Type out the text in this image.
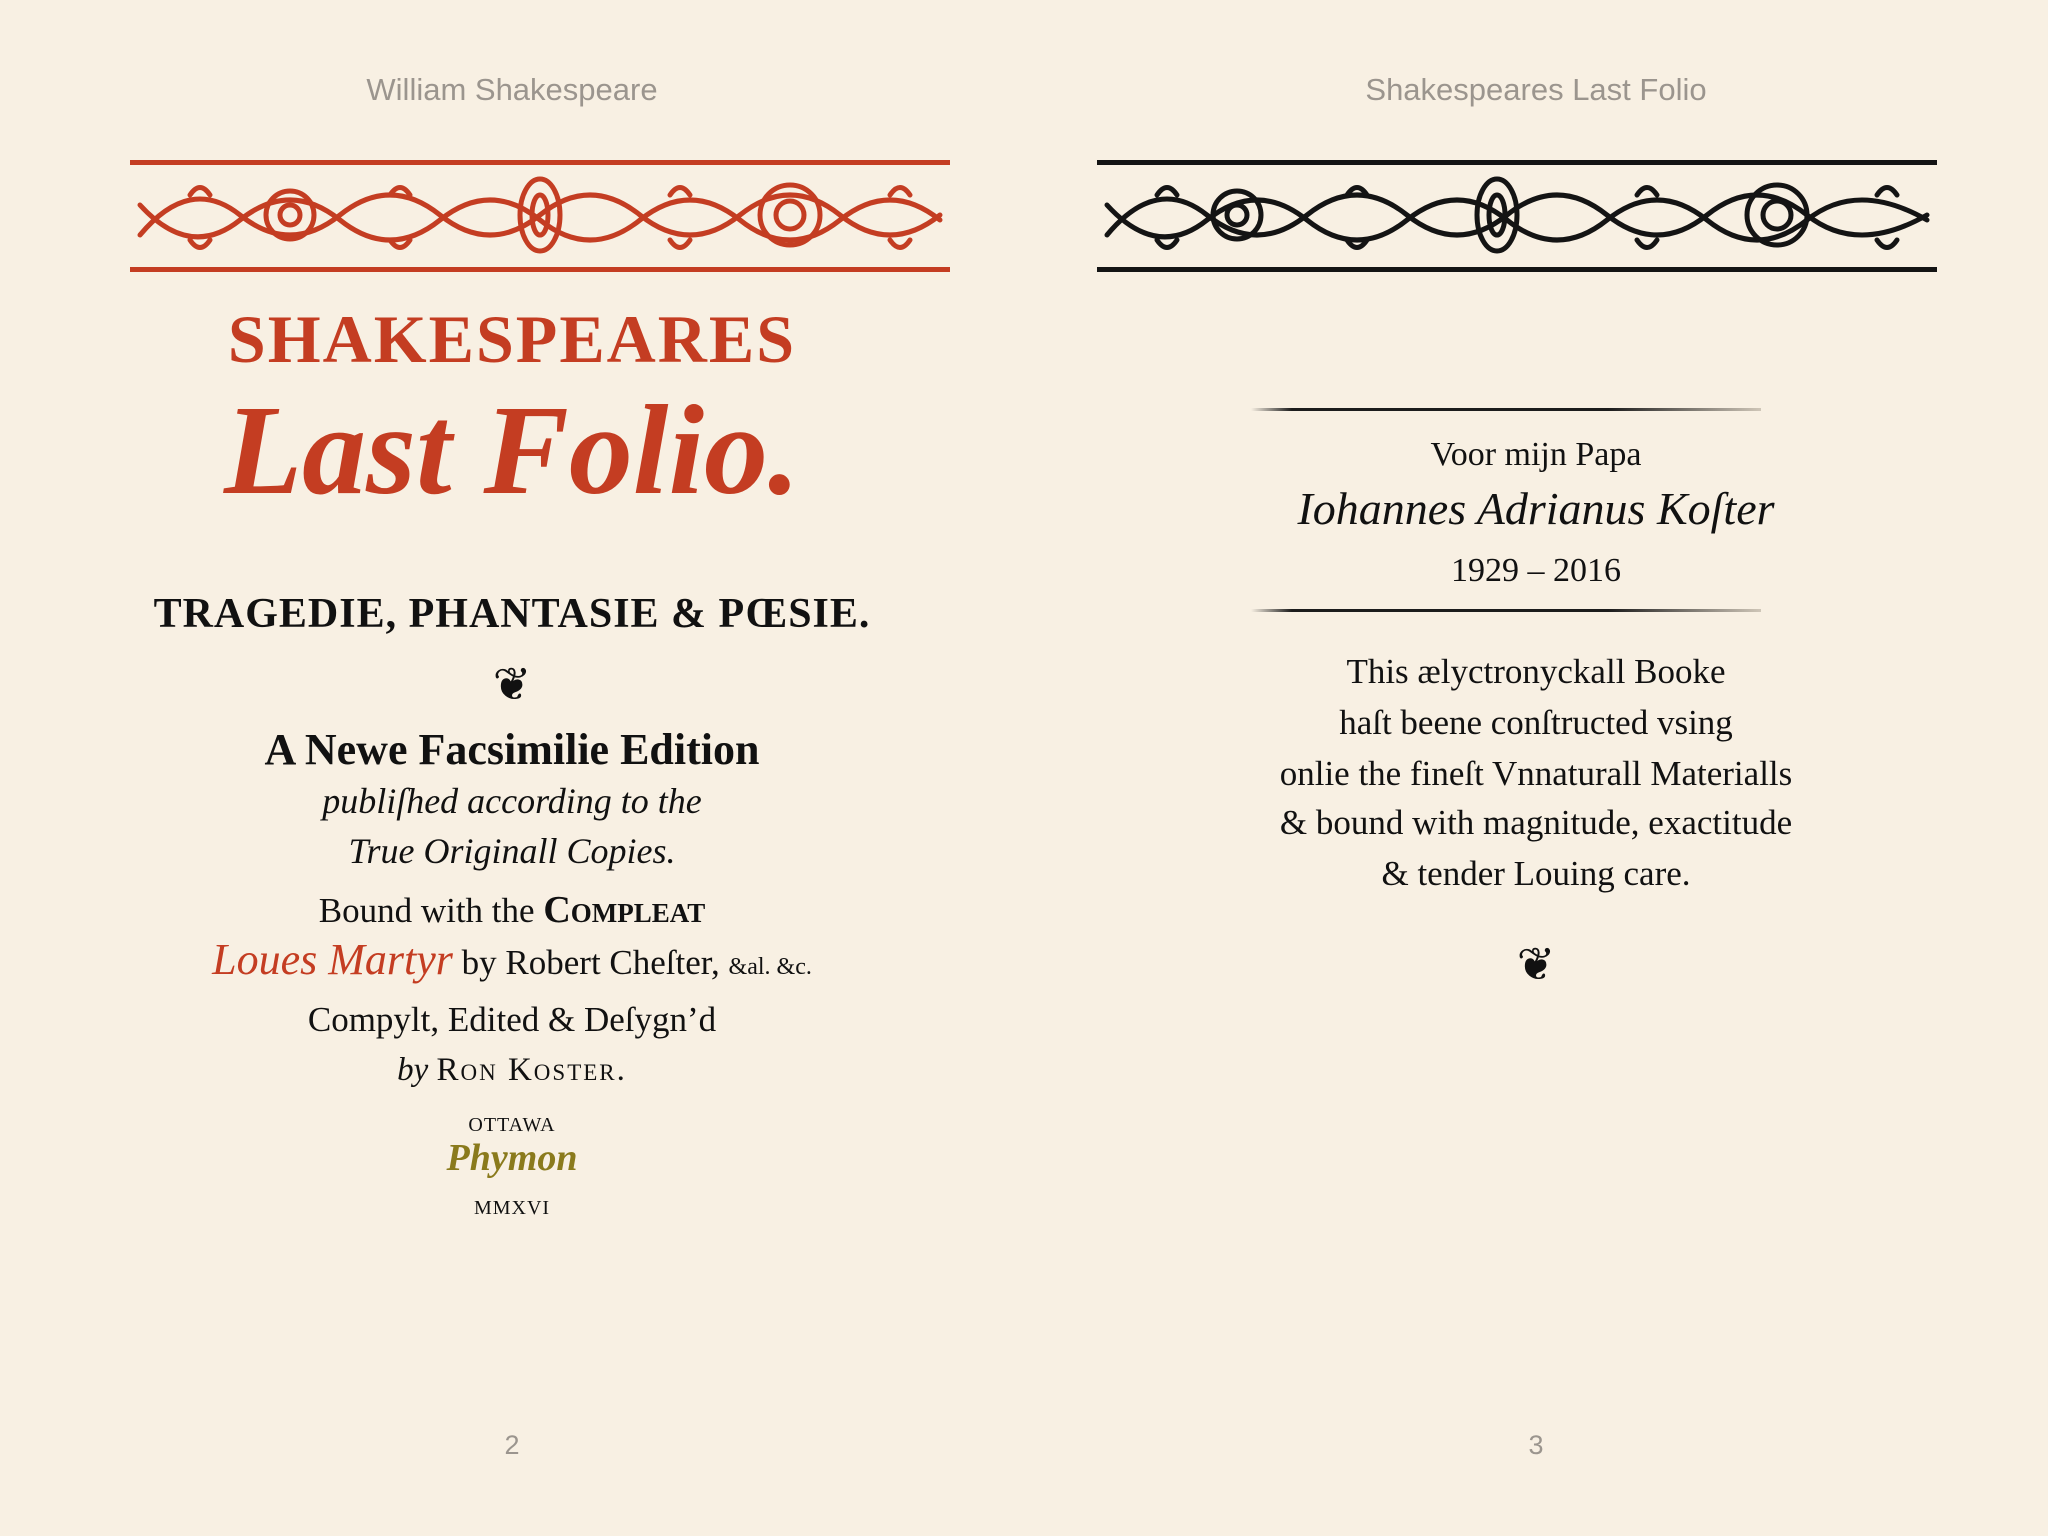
William Shakespeare
SHAKESPEARES
Last Folio.
TRAGEDIE, PHANTASIE & PŒSIE.
❦
A Newe Facsimilie Edition
publiſhed according to the
True Originall Copies.
Bound with the Compleat
Loues Martyr by Robert Cheſter, &al. &c.
Compylt, Edited & Deſygn’d
by Ron Koster.
OTTAWA
Phymon
MMXVI
2
Shakespeares Last Folio
Voor mijn Papa
Iohannes Adrianus Koſter
1929 – 2016
This ælyctronyckall Booke
haſt beene conſtructed vsing
onlie the fineſt Vnnaturall Materialls
& bound with magnitude, exactitude
& tender Louing care.
❦
3
